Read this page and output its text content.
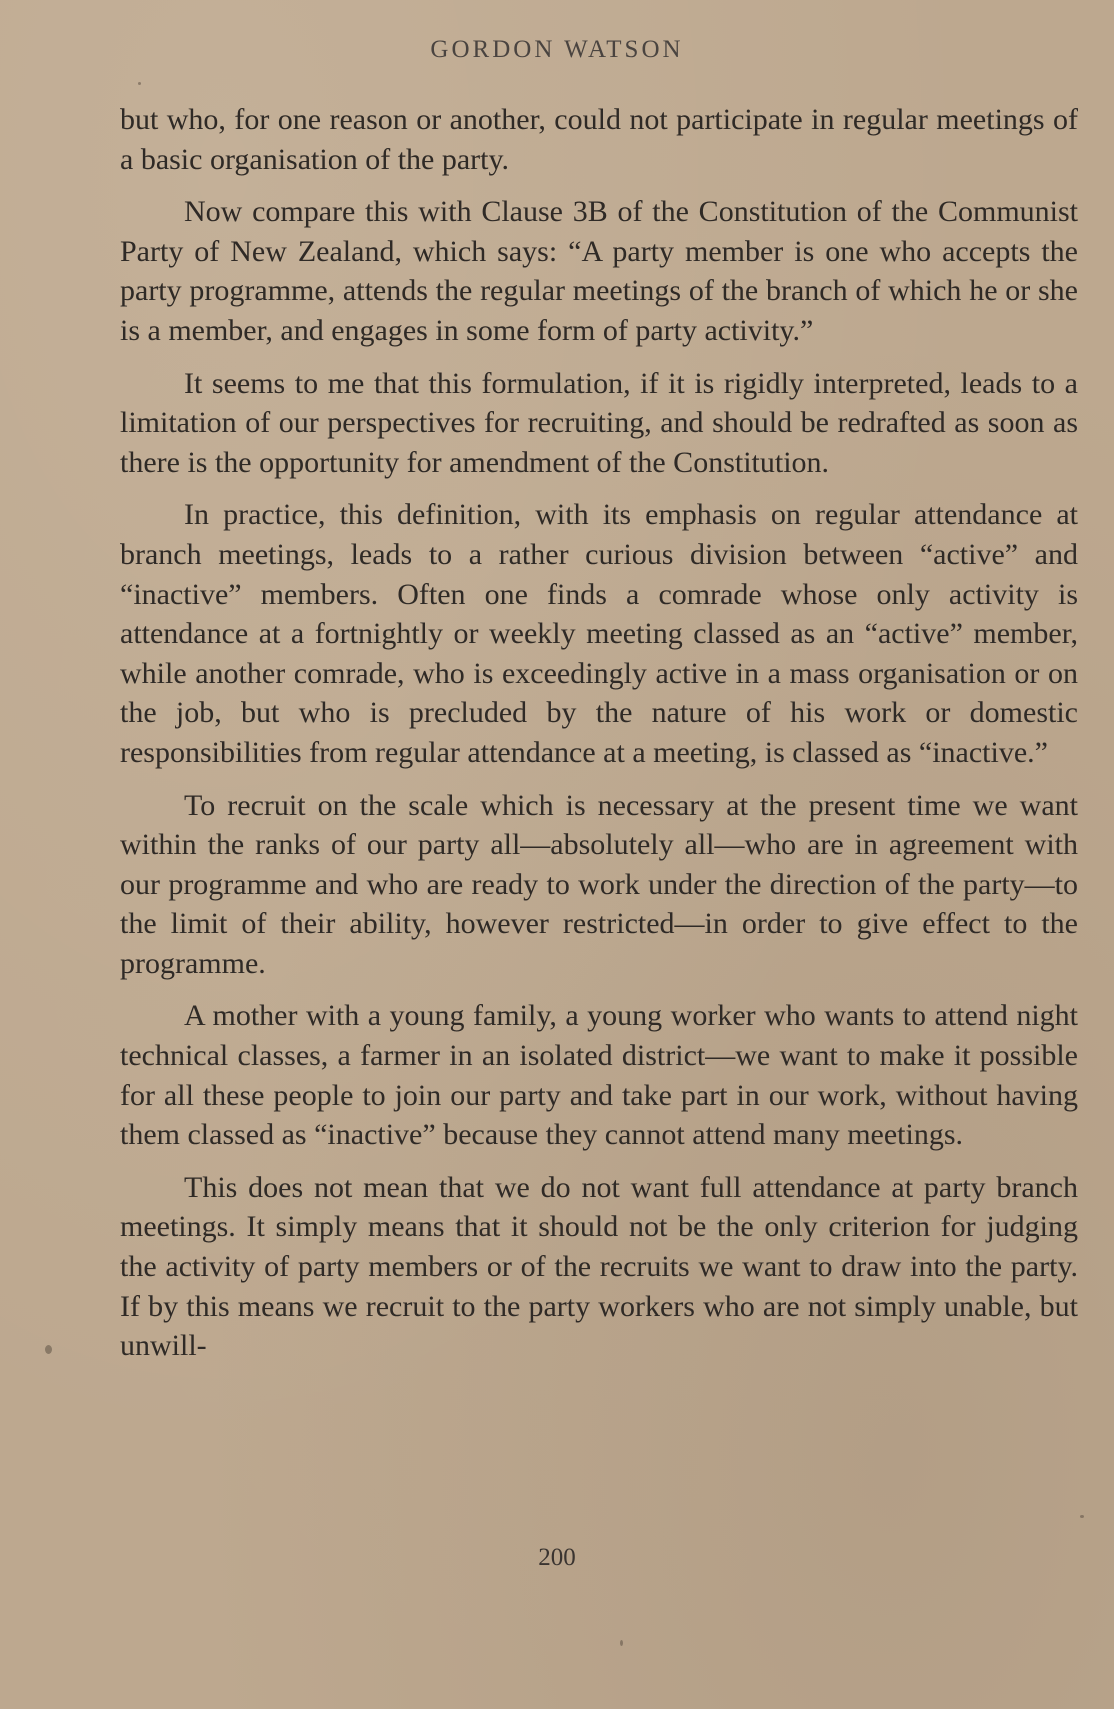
GORDON WATSON

but who, for one reason or another, could not participate in regular meetings of a basic organisation of the party.

Now compare this with Clause 3B of the Constitution of the Communist Party of New Zealand, which says: “A party member is one who accepts the party programme, attends the regular meetings of the branch of which he or she is a member, and engages in some form of party activity.”

It seems to me that this formulation, if it is rigidly interpreted, leads to a limitation of our perspectives for recruiting, and should be redrafted as soon as there is the opportunity for amendment of the Constitution.

In practice, this definition, with its emphasis on regular attendance at branch meetings, leads to a rather curious division between “active” and “inactive” members. Often one finds a comrade whose only activity is attendance at a fortnightly or weekly meeting classed as an “active” member, while another comrade, who is exceedingly active in a mass organisation or on the job, but who is precluded by the nature of his work or domestic responsibilities from regular attendance at a meeting, is classed as “inactive.”

To recruit on the scale which is necessary at the present time we want within the ranks of our party all—absolutely all—who are in agreement with our programme and who are ready to work under the direction of the party—to the limit of their ability, however restricted—in order to give effect to the programme.

A mother with a young family, a young worker who wants to attend night technical classes, a farmer in an isolated district—we want to make it possible for all these people to join our party and take part in our work, without having them classed as “inactive” because they cannot attend many meetings.

This does not mean that we do not want full attendance at party branch meetings. It simply means that it should not be the only criterion for judging the activity of party members or of the recruits we want to draw into the party. If by this means we recruit to the party workers who are not simply unable, but unwill-

200
